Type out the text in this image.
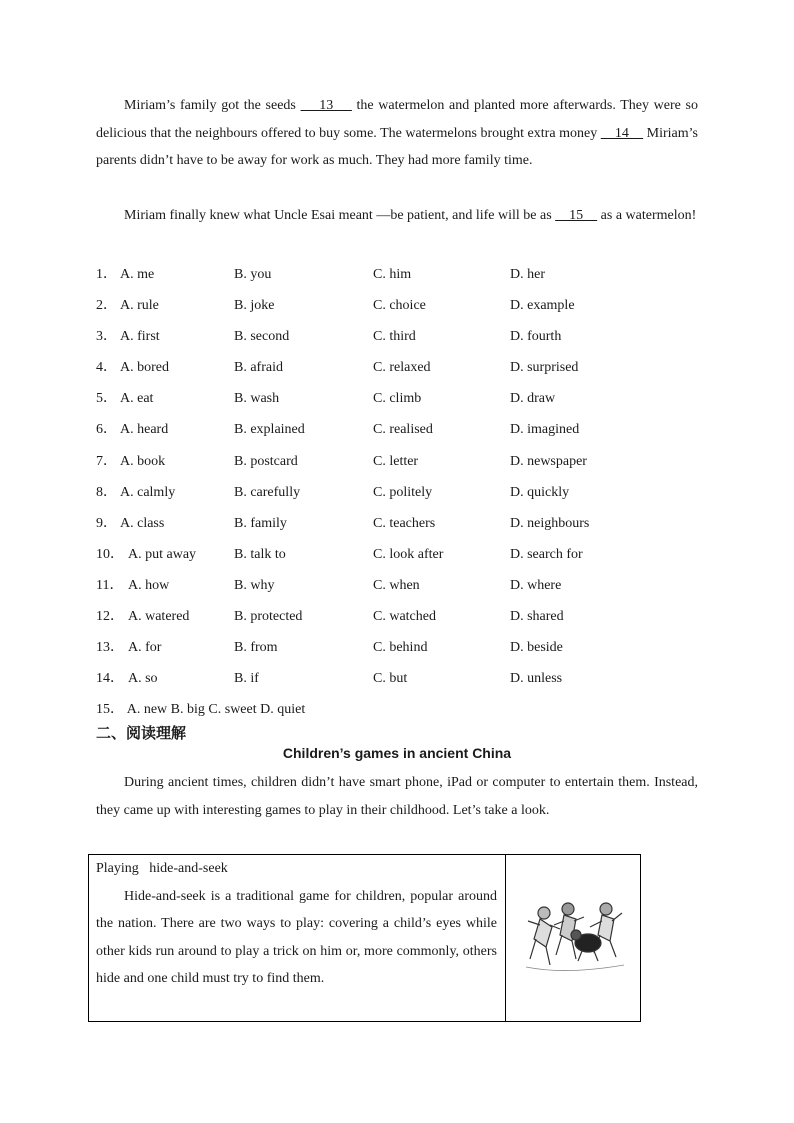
Miriam’s family got the seeds     13     the watermelon and planted more afterwards. They were so delicious that the neighbours offered to buy some. The watermelons brought extra money     14     Miriam’s parents didn’t have to be away for work as much. They had more family time.
Miriam finally knew what Uncle Esai meant —be patient, and life will be as     15     as a watermelon!
1． A. me	B. you	C. him	D. her
2． A. rule	B. joke	C. choice	D. example
3． A. first	B. second	C. third	D. fourth
4． A. bored	B. afraid	C. relaxed	D. surprised
5． A. eat	B. wash	C. climb	D. draw
6． A. heard	B. explained	C. realised	D. imagined
7． A. book	B. postcard	C. letter	D. newspaper
8． A. calmly	B. carefully	C. politely	D. quickly
9． A. class	B. family	C. teachers	D. neighbours
10． A. put away	B. talk to	C. look after	D. search for
11． A. how	B. why	C. when	D. where
12． A. watered	B. protected	C. watched	D. shared
13． A. for	B. from	C. behind	D. beside
14． A. so	B. if	C. but	D. unless
15． A. new B. big C. sweet D. quiet
二、阅读理解
Children’s games in ancient China
During ancient times, children didn’t have smart phone, iPad or computer to entertain them. Instead, they came up with interesting games to play in their childhood. Let’s take a look.
Playing   hide-and-seek
Hide-and-seek is a traditional game for children, popular around the nation. There are two ways to play: covering a child’s eyes while other kids run around to play a trick on him or, more commonly, others hide and one child must try to find them.
